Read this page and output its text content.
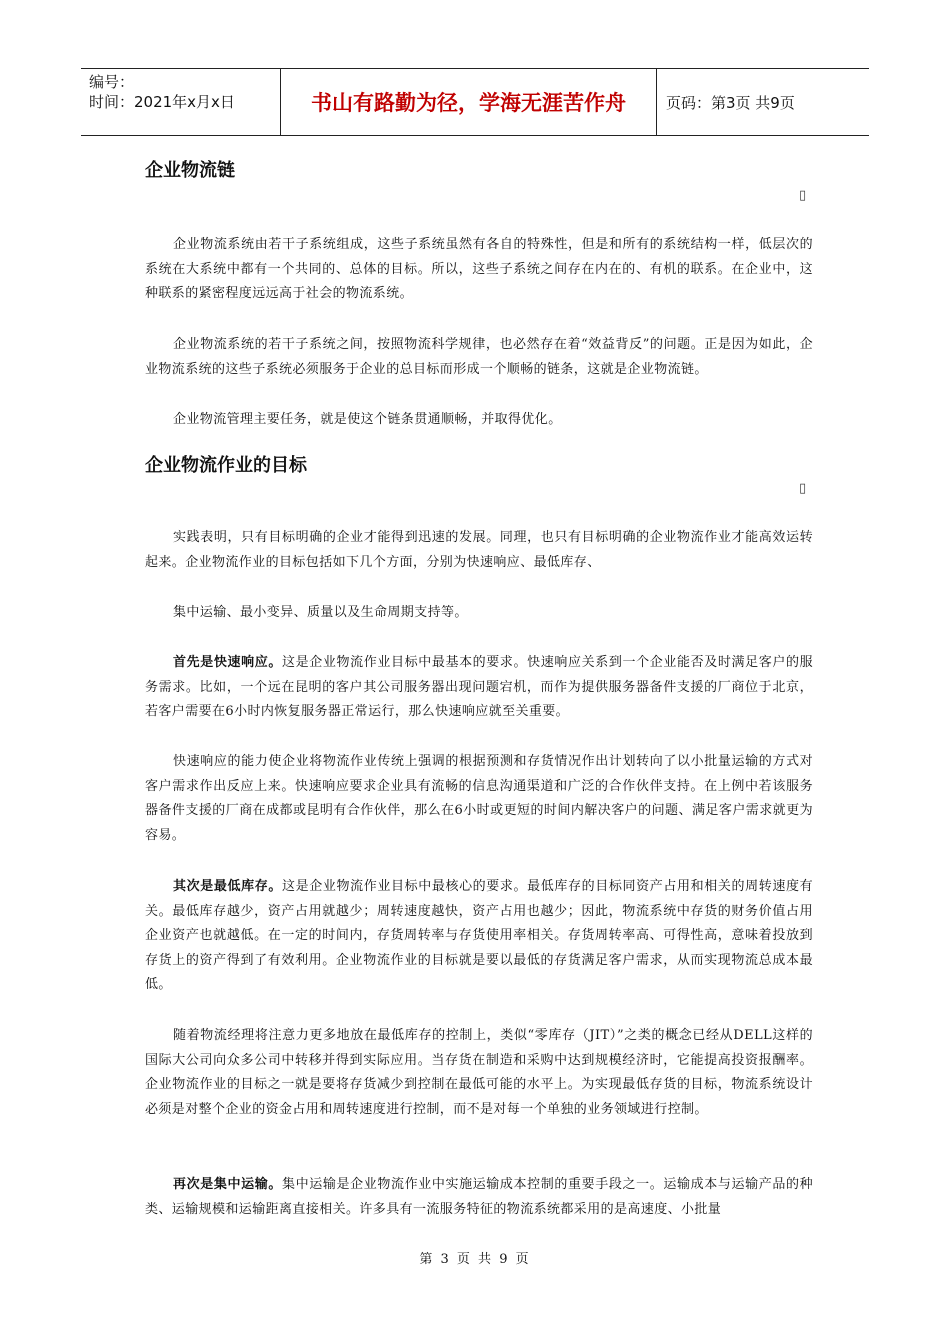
编号：
时间：2021年x月x日	书山有路勤为径，学海无涯苦作舟	页码：第3页 共9页
企业物流链
▯

企业物流系统由若干子系统组成，这些子系统虽然有各自的特殊性，但是和所有的系统结构一样，低层次的系统在大系统中都有一个共同的、总体的目标。所以，这些子系统之间存在内在的、有机的联系。在企业中，这种联系的紧密程度远远高于社会的物流系统。

企业物流系统的若干子系统之间，按照物流科学规律，也必然存在着“效益背反”的问题。正是因为如此，企业物流系统的这些子系统必须服务于企业的总目标而形成一个顺畅的链条，这就是企业物流链。

企业物流管理主要任务，就是使这个链条贯通顺畅，并取得优化。

企业物流作业的目标
▯

实践表明，只有目标明确的企业才能得到迅速的发展。同理，也只有目标明确的企业物流作业才能高效运转起来。企业物流作业的目标包括如下几个方面，分别为快速响应、最低库存、

集中运输、最小变异、质量以及生命周期支持等。

首先是快速响应。这是企业物流作业目标中最基本的要求。快速响应关系到一个企业能否及时满足客户的服务需求。比如，一个远在昆明的客户其公司服务器出现问题宕机，而作为提供服务器备件支援的厂商位于北京，若客户需要在6小时内恢复服务器正常运行，那么快速响应就至关重要。

快速响应的能力使企业将物流作业传统上强调的根据预测和存货情况作出计划转向了以小批量运输的方式对客户需求作出反应上来。快速响应要求企业具有流畅的信息沟通渠道和广泛的合作伙伴支持。在上例中若该服务器备件支援的厂商在成都或昆明有合作伙伴，那么在6小时或更短的时间内解决客户的问题、满足客户需求就更为容易。

其次是最低库存。这是企业物流作业目标中最核心的要求。最低库存的目标同资产占用和相关的周转速度有关。最低库存越少，资产占用就越少；周转速度越快，资产占用也越少；因此，物流系统中存货的财务价值占用企业资产也就越低。在一定的时间内，存货周转率与存货使用率相关。存货周转率高、可得性高，意味着投放到存货上的资产得到了有效利用。企业物流作业的目标就是要以最低的存货满足客户需求，从而实现物流总成本最低。

随着物流经理将注意力更多地放在最低库存的控制上，类似“零库存（JIT）”之类的概念已经从DELL这样的国际大公司向众多公司中转移并得到实际应用。当存货在制造和采购中达到规模经济时，它能提高投资报酬率。企业物流作业的目标之一就是要将存货减少到控制在最低可能的水平上。为实现最低存货的目标，物流系统设计必须是对整个企业的资金占用和周转速度进行控制，而不是对每一个单独的业务领域进行控制。

再次是集中运输。集中运输是企业物流作业中实施运输成本控制的重要手段之一。运输成本与运输产品的种类、运输规模和运输距离直接相关。许多具有一流服务特征的物流系统都采用的是高速度、小批量

第 3 页 共 9 页
